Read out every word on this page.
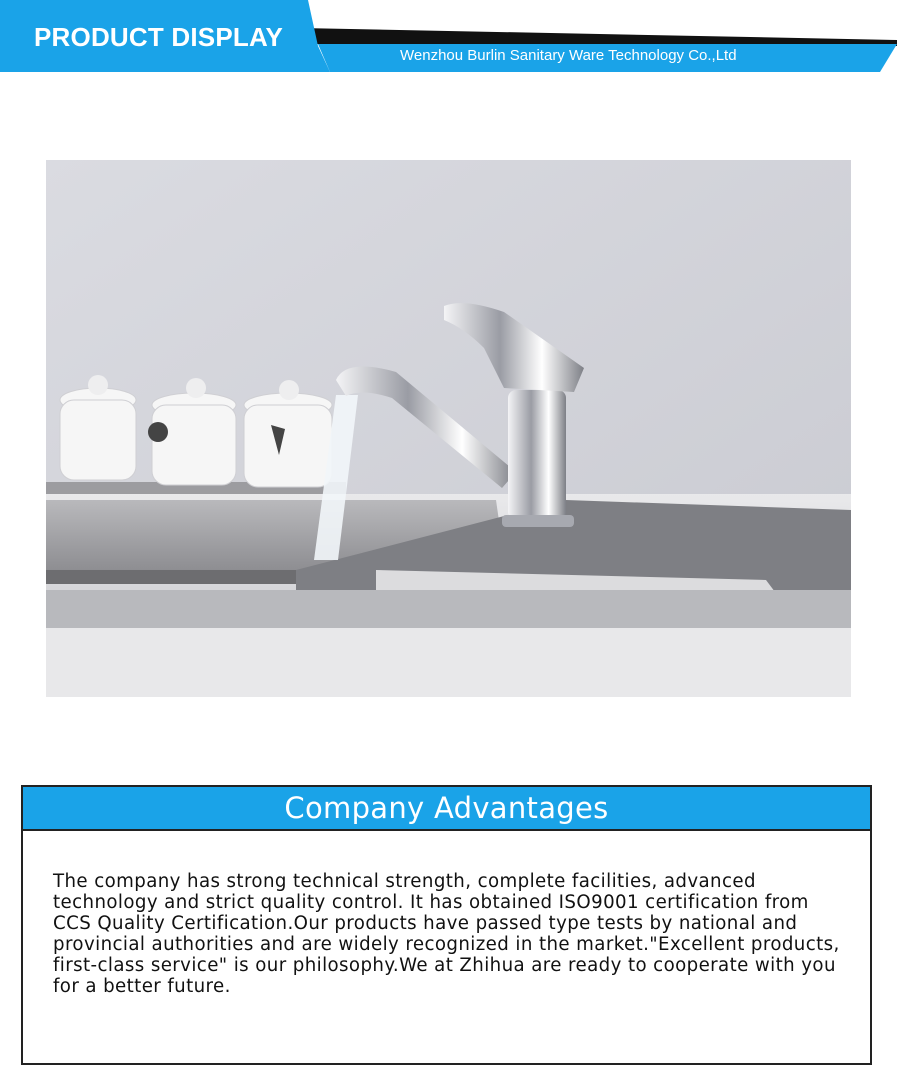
PRODUCT DISPLAY
Wenzhou Burlin Sanitary Ware Technology Co.,Ltd
Company Advantages
The company has strong technical strength, complete facilities, advanced technology and strict quality control. It has obtained ISO9001 certification from CCS Quality Certification.Our products have passed type tests by national and provincial authorities and are widely recognized in the market."Excellent products, first-class service" is our philosophy.We at Zhihua are ready to cooperate with you for a better future.
